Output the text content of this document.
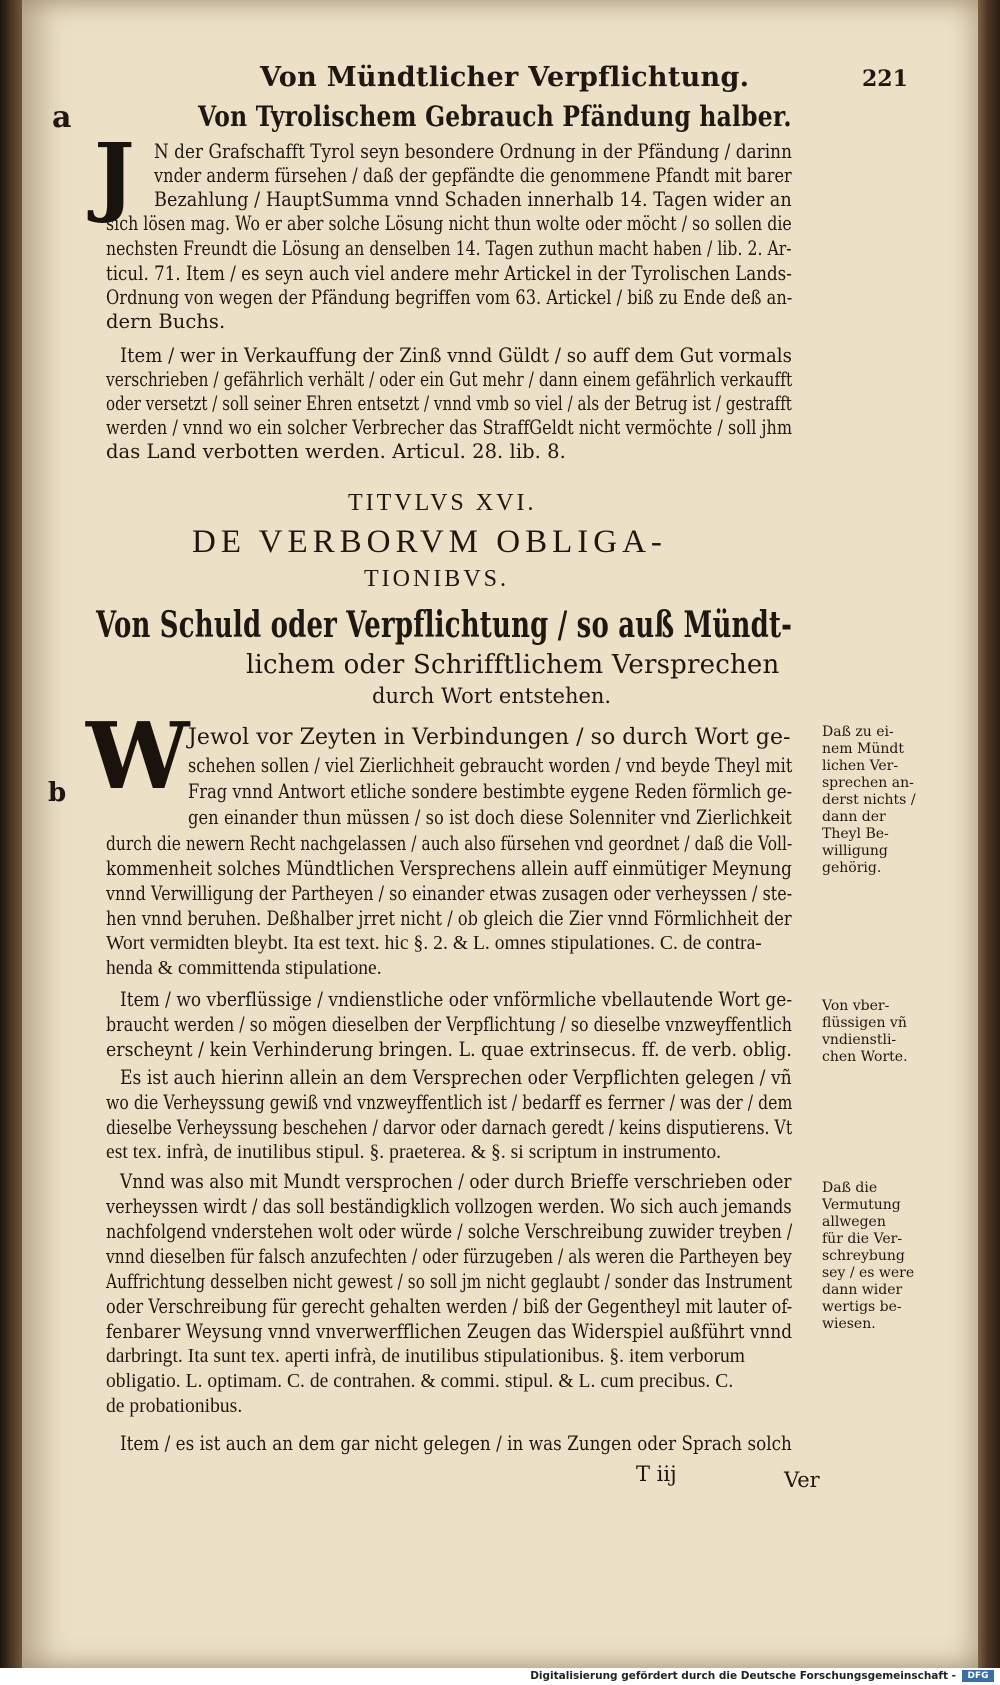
Von Mündtlicher Verpflichtung.	221
a	Von Tyrolischem Gebrauch Pfändung halber.
J N der Grafschafft Tyrol seyn besondere Ordnung in der Pfändung / darinn
vnder anderm fürsehen / daß der gepfändte die genommene Pfandt mit barer
Bezahlung / HauptSumma vnnd Schaden innerhalb 14. Tagen wider an
sich lösen mag. Wo er aber solche Lösung nicht thun wolte oder möcht / so sollen die
nechsten Freundt die Lösung an denselben 14. Tagen zuthun macht haben / lib. 2. Ar-
ticul. 71. Item / es seyn auch viel andere mehr Artickel in der Tyrolischen Lands-
Ordnung von wegen der Pfändung begriffen vom 63. Artickel / biß zu Ende deß an-
dern Buchs.
Item / wer in Verkauffung der Zinß vnnd Güldt / so auff dem Gut vormals
verschrieben / gefährlich verhält / oder ein Gut mehr / dann einem gefährlich verkaufft
oder versetzt / soll seiner Ehren entsetzt / vnnd vmb so viel / als der Betrug ist / gestrafft
werden / vnnd wo ein solcher Verbrecher das StraffGeldt nicht vermöchte / soll jhm
das Land verbotten werden. Articul. 28. lib. 8.
TITVLVS XVI.
DE VERBORVM OBLIGA-
TIONIBVS.
Von Schuld oder Verpflichtung / so auß Mündt-
lichem oder Schrifftlichem Versprechen
durch Wort entstehen.
W
b
Jewol vor Zeyten in Verbindungen / so durch Wort ge-
schehen sollen / viel Zierlichheit gebraucht worden / vnd beyde Theyl mit
Frag vnnd Antwort etliche sondere bestimbte eygene Reden förmlich ge-
gen einander thun müssen / so ist doch diese Solenniter vnd Zierlichkeit
durch die newern Recht nachgelassen / auch also fürsehen vnd geordnet / daß die Voll-
kommenheit solches Mündtlichen Versprechens allein auff einmütiger Meynung
vnnd Verwilligung der Partheyen / so einander etwas zusagen oder verheyssen / ste-
hen vnnd beruhen. Deßhalber jrret nicht / ob gleich die Zier vnnd Förmlichheit der
Wort vermidten bleybt. Ita est text. hic §. 2. & L. omnes stipulationes. C. de contra-
henda & committenda stipulatione.
Item / wo vberflüssige / vndienstliche oder vnförmliche vbellautende Wort ge-
braucht werden / so mögen dieselben der Verpflichtung / so dieselbe vnzweyffentlich
erscheynt / kein Verhinderung bringen. L. quae extrinsecus. ff. de verb. oblig.
Es ist auch hierinn allein an dem Versprechen oder Verpflichten gelegen / vñ
wo die Verheyssung gewiß vnd vnzweyffentlich ist / bedarff es ferrner / was der / dem
dieselbe Verheyssung beschehen / darvor oder darnach geredt / keins disputierens. Vt
est tex. infrà, de inutilibus stipul. §. praeterea. & §. si scriptum in instrumento.
Vnnd was also mit Mundt versprochen / oder durch Brieffe verschrieben oder
verheyssen wirdt / das soll beständigklich vollzogen werden. Wo sich auch jemands
nachfolgend vnderstehen wolt oder würde / solche Verschreibung zuwider treyben /
vnnd dieselben für falsch anzufechten / oder fürzugeben / als weren die Partheyen bey
Auffrichtung desselben nicht gewest / so soll jm nicht geglaubt / sonder das Instrument
oder Verschreibung für gerecht gehalten werden / biß der Gegentheyl mit lauter of-
fenbarer Weysung vnnd vnverwerfflichen Zeugen das Widerspiel außführt vnnd
darbringt. Ita sunt tex. aperti infrà, de inutilibus stipulationibus. §. item verborum
obligatio. L. optimam. C. de contrahen. & commi. stipul. & L. cum precibus. C.
de probationibus.
Item / es ist auch an dem gar nicht gelegen / in was Zungen oder Sprach solch
T iij	Ver
Daß zu ei-
nem Mündt
lichen Ver-
sprechen an-
derst nichts /
dann der
Theyl Be-
willigung
gehörig.
Von vber-
flüssigen vñ
vndienstli-
chen Worte.
Daß die
Vermutung
allwegen
für die Ver-
schreybung
sey / es were
dann wider
wertigs be-
wiesen.
Digitalisierung gefördert durch die Deutsche Forschungsgemeinschaft -	DFG
